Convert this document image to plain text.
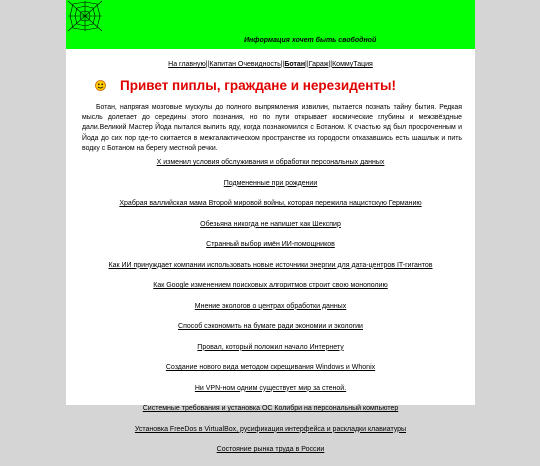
Информация хочет быть свободной
На главную||Капитан Очевидность||Ботан||Гараж||КоммуТация
Привет пиплы, граждане и нерезиденты!

Ботан, напрягая мозговые мускулы до полного выпрямления извилин, пытается познать тайну бытия. Редкая мысль долетает до середины этого познания, но по пути открывает космические глубины и межзвёздные дали.Великий Мастер Йода пытался выпить яду, когда познакомился с Ботаном. К счастью яд был просроченным и Йода до сих пор где-то скитается в межгалактическом пространстве из городости отказавшись есть шашлык и пить водку с Ботаном на берегу местной речки.

Х изменил условия обслуживания и обработки персональных данных
Подмененные при рождении
Храбрая валлийская мама Второй мировой войны, которая пережила нацистскую Германию
Обезьяна никогда не напишет как Шекспир
Странный выбор имён ИИ-помощников
Как ИИ принуждает компании использовать новые источники энергии для дата-центров IT-гигантов
Как Google изменением поисковых алгоритмов строит свою монополию
Мнение экологов о центрах обработки данных
Способ сэкономить на бумаге ради экономии и экологии
Провал, который положил начало Интернету
Создание нового вида методом скрещивания Windows и Whonix
Ни VPN-ном одним существует мир за стеной.
Системные требования и установка ОС Колибри на персональный компьютер
Установка FreeDos в VirtualBox, русификация интерфейса и раскладки клавиатуры
Состояние рынка труда в России
